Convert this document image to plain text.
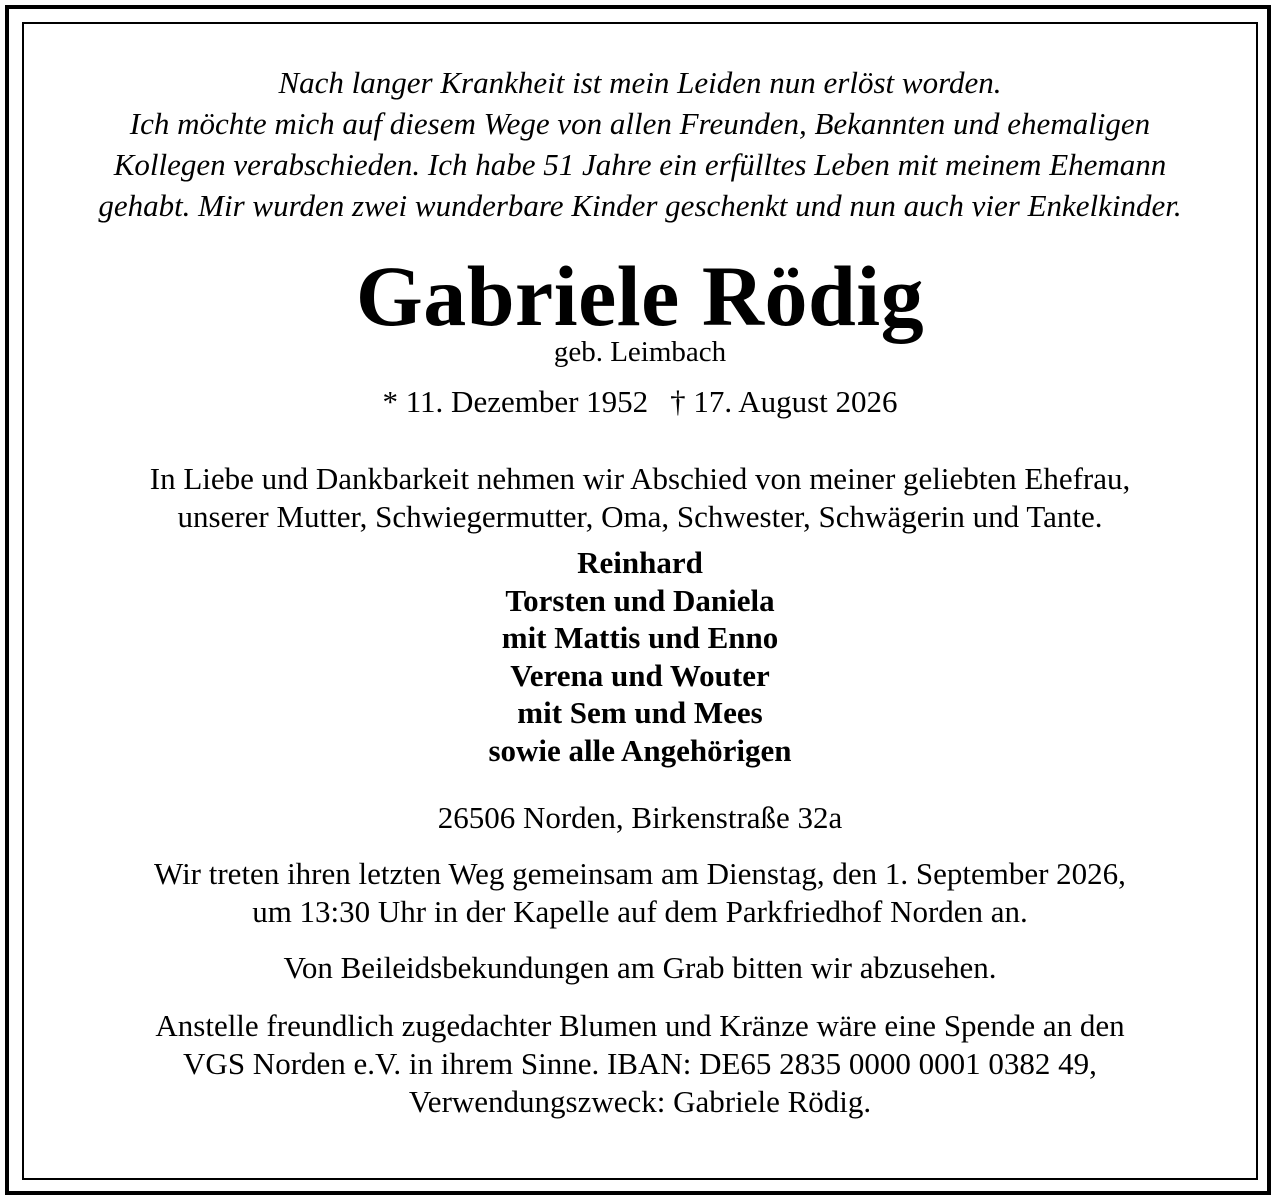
Nach langer Krankheit ist mein Leiden nun erlöst worden.
Ich möchte mich auf diesem Wege von allen Freunden, Bekannten und ehemaligen
Kollegen verabschieden. Ich habe 51 Jahre ein erfülltes Leben mit meinem Ehemann
gehabt. Mir wurden zwei wunderbare Kinder geschenkt und nun auch vier Enkelkinder.

Gabriele Rödig

geb. Leimbach

* 11. Dezember 1952 † 17. August 2026

In Liebe und Dankbarkeit nehmen wir Abschied von meiner geliebten Ehefrau,
unserer Mutter, Schwiegermutter, Oma, Schwester, Schwägerin und Tante.

Reinhard
Torsten und Daniela
mit Mattis und Enno
Verena und Wouter
mit Sem und Mees
sowie alle Angehörigen

26506 Norden, Birkenstraße 32a

Wir treten ihren letzten Weg gemeinsam am Dienstag, den 1. September 2026,
um 13:30 Uhr in der Kapelle auf dem Parkfriedhof Norden an.

Von Beileidsbekundungen am Grab bitten wir abzusehen.

Anstelle freundlich zugedachter Blumen und Kränze wäre eine Spende an den
VGS Norden e.V. in ihrem Sinne. IBAN: DE65 2835 0000 0001 0382 49,
Verwendungszweck: Gabriele Rödig.
